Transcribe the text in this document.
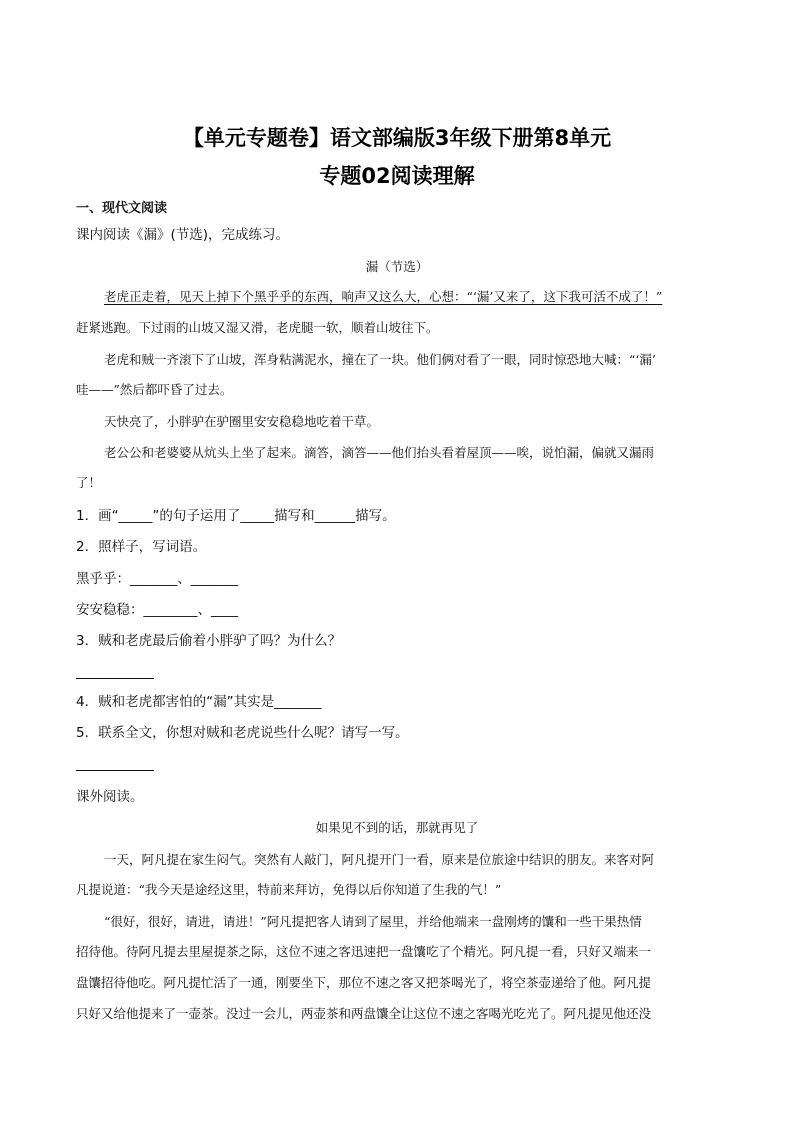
【单元专题卷】语文部编版3年级下册第8单元
专题02阅读理解
一、现代文阅读
课内阅读《漏》(节选)，完成练习。
漏（节选）
老虎正走着，见天上掉下个黑乎乎的东西，响声又这么大，心想：“‘漏’又来了，这下我可活不成了！”
赶紧逃跑。下过雨的山坡又湿又滑，老虎腿一软，顺着山坡往下。
老虎和贼一齐滚下了山坡，浑身粘满泥水，撞在了一块。他们俩对看了一眼，同时惊恐地大喊：“‘漏’
哇——”然后都吓昏了过去。
天快亮了，小胖驴在驴圈里安安稳稳地吃着干草。
老公公和老婆婆从炕头上坐了起来。滴答，滴答——他们抬头看着屋顶——唉，说怕漏，偏就又漏雨
了！
1．画“_____”的句子运用了_____描写和______描写。
2．照样子，写词语。
黑乎乎：_______、_______
安安稳稳：________、____
3．贼和老虎最后偷着小胖驴了吗？为什么？
4．贼和老虎都害怕的“漏”其实是_______
5．联系全文，你想对贼和老虎说些什么呢？请写一写。
课外阅读。
如果见不到的话，那就再见了
一天，阿凡提在家生闷气。突然有人敲门，阿凡提开门一看，原来是位旅途中结识的朋友。来客对阿
凡提说道：“我今天是途经这里，特前来拜访，免得以后你知道了生我的气！”
“很好，很好，请进，请进！”阿凡提把客人请到了屋里，并给他端来一盘刚烤的馕和一些干果热情
招待他。待阿凡提去里屋提茶之际，这位不速之客迅速把一盘馕吃了个精光。阿凡提一看，只好又端来一
盘馕招待他吃。阿凡提忙活了一通，刚要坐下，那位不速之客又把茶喝光了，将空茶壶递给了他。阿凡提
只好又给他提来了一壶茶。没过一会儿，两壶茶和两盘馕全让这位不速之客喝光吃光了。阿凡提见他还没
